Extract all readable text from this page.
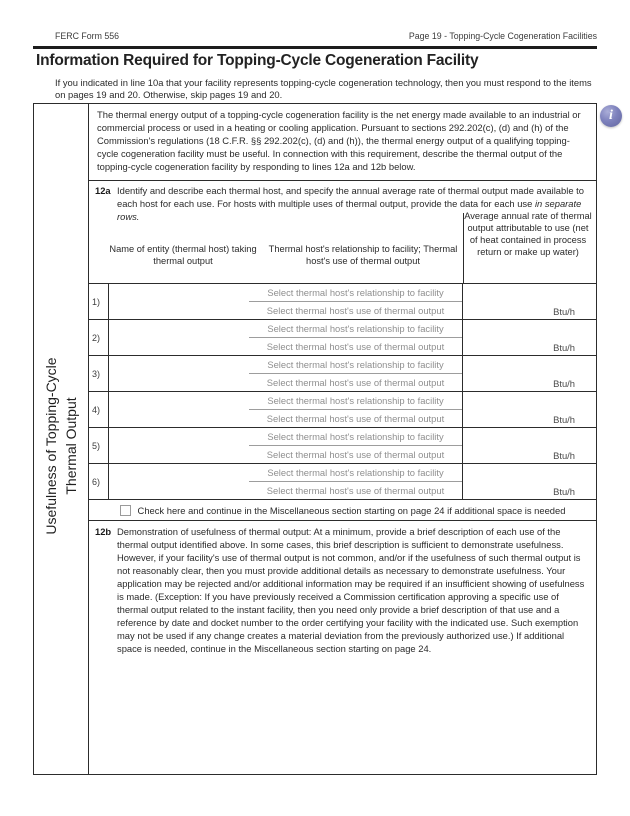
FERC Form 556	Page 19 - Topping-Cycle Cogeneration Facilities
Information Required for Topping-Cycle Cogeneration Facility
If you indicated in line 10a that your facility represents topping-cycle cogeneration technology, then you must respond to the items on pages 19 and 20. Otherwise, skip pages 19 and 20.
i
Usefulness of Topping-Cycle Thermal Output
The thermal energy output of a topping-cycle cogeneration facility is the net energy made available to an industrial or commercial process or used in a heating or cooling application. Pursuant to sections 292.202(c), (d) and (h) of the Commission's regulations (18 C.F.R. §§ 292.202(c), (d) and (h)), the thermal energy output of a qualifying topping-cycle cogeneration facility must be useful. In connection with this requirement, describe the thermal output of the topping-cycle cogeneration facility by responding to lines 12a and 12b below.
12a Identify and describe each thermal host, and specify the annual average rate of thermal output made available to each host for each use. For hosts with multiple uses of thermal output, provide the data for each use in separate rows.
Name of entity (thermal host) taking thermal output
Thermal host's relationship to facility; Thermal host's use of thermal output
Average annual rate of thermal output attributable to use (net of heat contained in process return or make up water)
1)
Select thermal host's relationship to facility
Select thermal host's use of thermal output	Btu/h
2)
Select thermal host's relationship to facility
Select thermal host's use of thermal output	Btu/h
3)
Select thermal host's relationship to facility
Select thermal host's use of thermal output	Btu/h
4)
Select thermal host's relationship to facility
Select thermal host's use of thermal output	Btu/h
5)
Select thermal host's relationship to facility
Select thermal host's use of thermal output	Btu/h
6)
Select thermal host's relationship to facility
Select thermal host's use of thermal output	Btu/h
Check here and continue in the Miscellaneous section starting on page 24 if additional space is needed
12b Demonstration of usefulness of thermal output: At a minimum, provide a brief description of each use of the thermal output identified above. In some cases, this brief description is sufficient to demonstrate usefulness. However, if your facility's use of thermal output is not common, and/or if the usefulness of such thermal output is not reasonably clear, then you must provide additional details as necessary to demonstrate usefulness. Your application may be rejected and/or additional information may be required if an insufficient showing of usefulness is made. (Exception: If you have previously received a Commission certification approving a specific use of thermal output related to the instant facility, then you need only provide a brief description of that use and a reference by date and docket number to the order certifying your facility with the indicated use. Such exemption may not be used if any change creates a material deviation from the previously authorized use.) If additional space is needed, continue in the Miscellaneous section starting on page 24.
